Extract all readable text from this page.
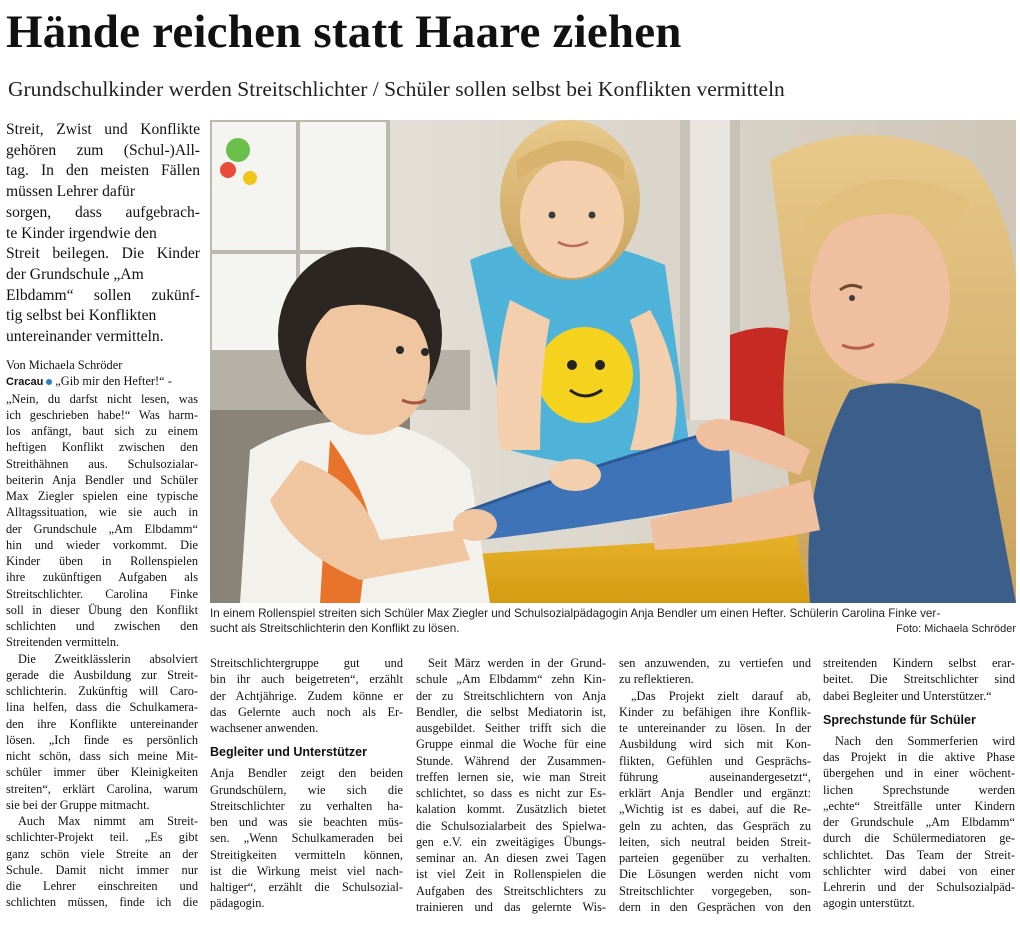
Hände reichen statt Haare ziehen
Grundschulkinder werden Streitschlichter / Schüler sollen selbst bei Konflikten vermitteln
Streit, Zwist und Konflikte
gehören zum (Schul-)All-
tag. In den meisten Fällen
müssen Lehrer dafür
sorgen, dass aufgebrach-
te Kinder irgendwie den
Streit beilegen. Die Kinder
der Grundschule „Am
Elbdamm“ sollen zukünf-
tig selbst bei Konflikten
untereinander vermitteln.
Von Michaela Schröder
Cracau „Gib mir den Hefter!“ -
„Nein, du darfst nicht lesen, was
ich geschrieben habe!“ Was harm-
los anfängt, baut sich zu einem
heftigen Konflikt zwischen den
Streithähnen aus. Schulsozialar-
beiterin Anja Bendler und Schüler
Max Ziegler spielen eine typische
Alltagssituation, wie sie auch in
der Grundschule „Am Elbdamm“
hin und wieder vorkommt. Die
Kinder üben in Rollenspielen
ihre zukünftigen Aufgaben als
Streitschlichter. Carolina Finke
soll in dieser Übung den Konflikt
schlichten und zwischen den
Streitenden vermitteln.
Die Zweitklässlerin absolviert
gerade die Ausbildung zur Streit-
schlichterin. Zukünftig will Caro-
lina helfen, dass die Schulkamera-
den ihre Konflikte untereinander
lösen. „Ich finde es persönlich
nicht schön, dass sich meine Mit-
schüler immer über Kleinigkeiten
streiten“, erklärt Carolina, warum
sie bei der Gruppe mitmacht.
Auch Max nimmt am Streit-
schlichter-Projekt teil. „Es gibt
ganz schön viele Streite an der
Schule. Damit nicht immer nur
die Lehrer einschreiten und
schlichten müssen, finde ich die
Streitschlichtergruppe gut und
bin ihr auch beigetreten“, erzählt
der Achtjährige. Zudem könne er
das Gelernte auch noch als Er-
wachsener anwenden.
Begleiter und Unterstützer
Anja Bendler zeigt den beiden
Grundschülern, wie sich die
Streitschlichter zu verhalten ha-
ben und was sie beachten müs-
sen. „Wenn Schulkameraden bei
Streitigkeiten vermitteln können,
ist die Wirkung meist viel nach-
haltiger“, erzählt die Schulsozial-
pädagogin.
Seit März werden in der Grund-
schule „Am Elbdamm“ zehn Kin-
der zu Streitschlichtern von Anja
Bendler, die selbst Mediatorin ist,
ausgebildet. Seither trifft sich die
Gruppe einmal die Woche für eine
Stunde. Während der Zusammen-
treffen lernen sie, wie man Streit
schlichtet, so dass es nicht zur Es-
kalation kommt. Zusätzlich bietet
die Schulsozialarbeit des Spielwa-
gen e.V. ein zweitägiges Übungs-
seminar an. An diesen zwei Tagen
ist viel Zeit in Rollenspielen die
Aufgaben des Streitschlichters zu
trainieren und das gelernte Wis-
sen anzuwenden, zu vertiefen und
zu reflektieren.
„Das Projekt zielt darauf ab,
Kinder zu befähigen ihre Konflik-
te untereinander zu lösen. In der
Ausbildung wird sich mit Kon-
flikten, Gefühlen und Gesprächs-
führung auseinandergesetzt“,
erklärt Anja Bendler und ergänzt:
„Wichtig ist es dabei, auf die Re-
geln zu achten, das Gespräch zu
leiten, sich neutral beiden Streit-
parteien gegenüber zu verhalten.
Die Lösungen werden nicht vom
Streitschlichter vorgegeben, son-
dern in den Gesprächen von den
streitenden Kindern selbst erar-
beitet. Die Streitschlichter sind
dabei Begleiter und Unterstützer.“
Sprechstunde für Schüler
Nach den Sommerferien wird
das Projekt in die aktive Phase
übergehen und in einer wöchent-
lichen Sprechstunde werden
„echte“ Streitfälle unter Kindern
der Grundschule „Am Elbdamm“
durch die Schülermediatoren ge-
schlichtet. Das Team der Streit-
schlichter wird dabei von einer
Lehrerin und der Schulsozialpäd-
agogin unterstützt.
In einem Rollenspiel streiten sich Schüler Max Ziegler und Schulsozialpädagogin Anja Bendler um einen Hefter. Schülerin Carolina Finke ver-
sucht als Streitschlichterin den Konflikt zu lösen.	Foto: Michaela Schröder
